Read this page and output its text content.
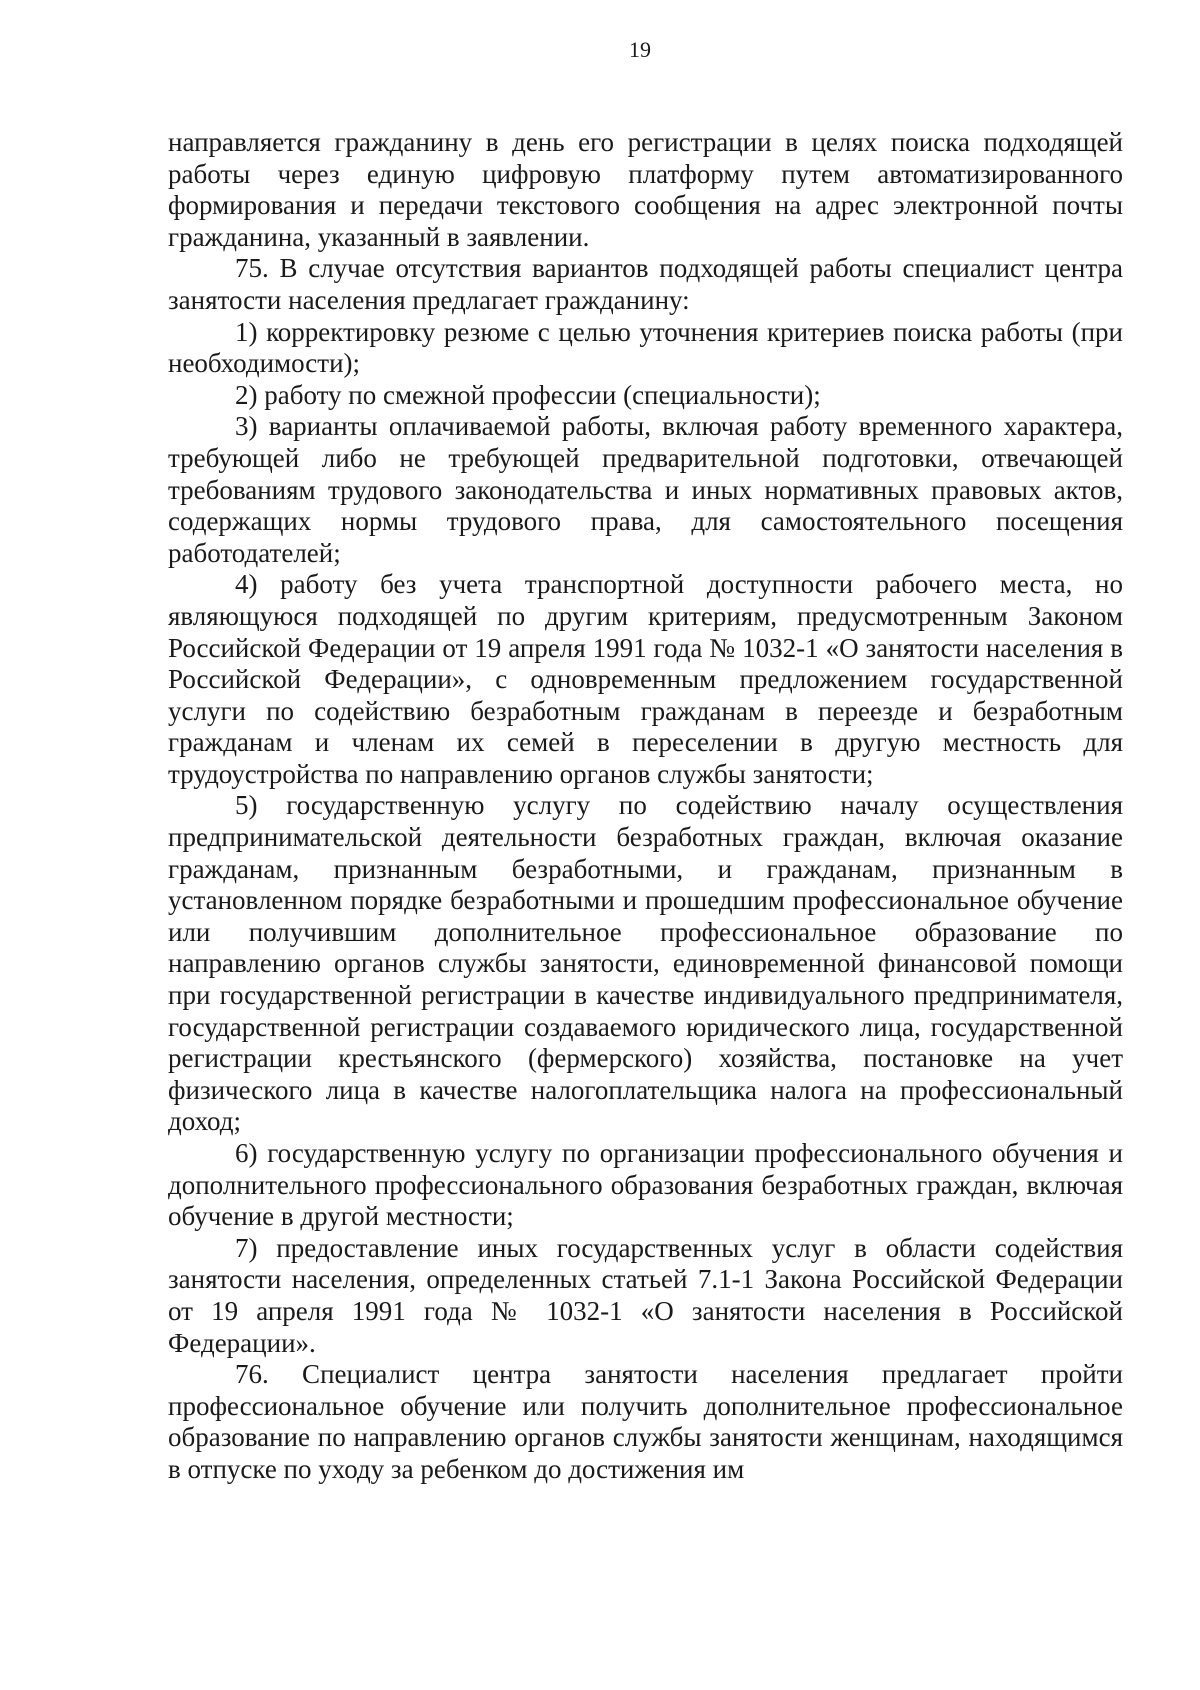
19

направляется гражданину в день его регистрации в целях поиска подходящей работы через единую цифровую платформу путем автоматизированного формирования и передачи текстового сообщения на адрес электронной почты гражданина, указанный в заявлении.

75. В случае отсутствия вариантов подходящей работы специалист центра занятости населения предлагает гражданину:

1) корректировку резюме с целью уточнения критериев поиска работы (при необходимости);

2) работу по смежной профессии (специальности);

3) варианты оплачиваемой работы, включая работу временного характера, требующей либо не требующей предварительной подготовки, отвечающей требованиям трудового законодательства и иных нормативных правовых актов, содержащих нормы трудового права, для самостоятельного посещения работодателей;

4) работу без учета транспортной доступности рабочего места, но являющуюся подходящей по другим критериям, предусмотренным Законом Российской Федерации от 19 апреля 1991 года № 1032-1 «О занятости населения в Российской Федерации», с одновременным предложением государственной услуги по содействию безработным гражданам в переезде и безработным гражданам и членам их семей в переселении в другую местность для трудоустройства по направлению органов службы занятости;

5) государственную услугу по содействию началу осуществления предпринимательской деятельности безработных граждан, включая оказание гражданам, признанным безработными, и гражданам, признанным в установленном порядке безработными и прошедшим профессиональное обучение или получившим дополнительное профессиональное образование по направлению органов службы занятости, единовременной финансовой помощи при государственной регистрации в качестве индивидуального предпринимателя, государственной регистрации создаваемого юридического лица, государственной регистрации крестьянского (фермерского) хозяйства, постановке на учет физического лица в качестве налогоплательщика налога на профессиональный доход;

6) государственную услугу по организации профессионального обучения и дополнительного профессионального образования безработных граждан, включая обучение в другой местности;

7) предоставление иных государственных услуг в области содействия занятости населения, определенных статьей 7.1-1 Закона Российской Федерации от 19 апреля 1991 года № 1032-1 «О занятости населения в Российской Федерации».

76. Специалист центра занятости населения предлагает пройти профессиональное обучение или получить дополнительное профессиональное образование по направлению органов службы занятости женщинам, находящимся в отпуске по уходу за ребенком до достижения им
